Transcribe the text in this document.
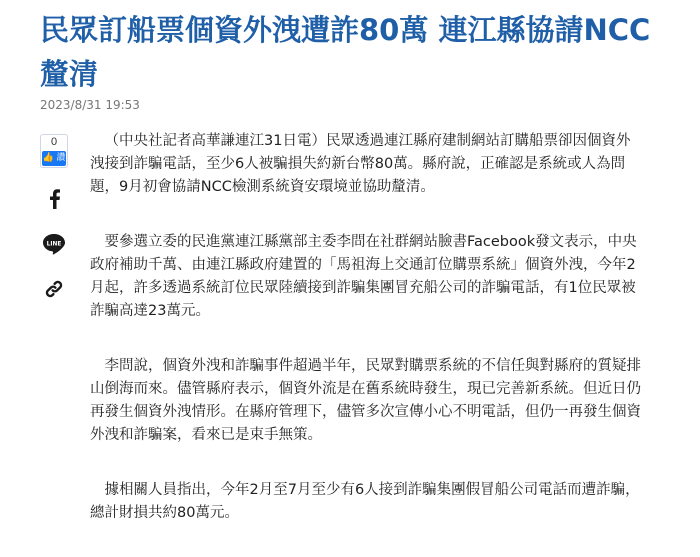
民眾訂船票個資外洩遭詐80萬 連江縣協請NCC釐清
2023/8/31 19:53
0
👍 讚
LINE

（中央社記者高華謙連江31日電）民眾透過連江縣府建制網站訂購船票卻因個資外洩接到詐騙電話，至少6人被騙損失約新台幣80萬。縣府說，正確認是系統或人為問題，9月初會協請NCC檢測系統資安環境並協助釐清。

要參選立委的民進黨連江縣黨部主委李問在社群網站臉書Facebook發文表示，中央政府補助千萬、由連江縣政府建置的「馬祖海上交通訂位購票系統」個資外洩，今年2月起，許多透過系統訂位民眾陸續接到詐騙集團冒充船公司的詐騙電話，有1位民眾被詐騙高達23萬元。

李問說，個資外洩和詐騙事件超過半年，民眾對購票系統的不信任與對縣府的質疑排山倒海而來。儘管縣府表示，個資外流是在舊系統時發生，現已完善新系統。但近日仍再發生個資外洩情形。在縣府管理下，儘管多次宣傳小心不明電話，但仍一再發生個資外洩和詐騙案，看來已是束手無策。

據相關人員指出，今年2月至7月至少有6人接到詐騙集團假冒船公司電話而遭詐騙，總計財損共約80萬元。
